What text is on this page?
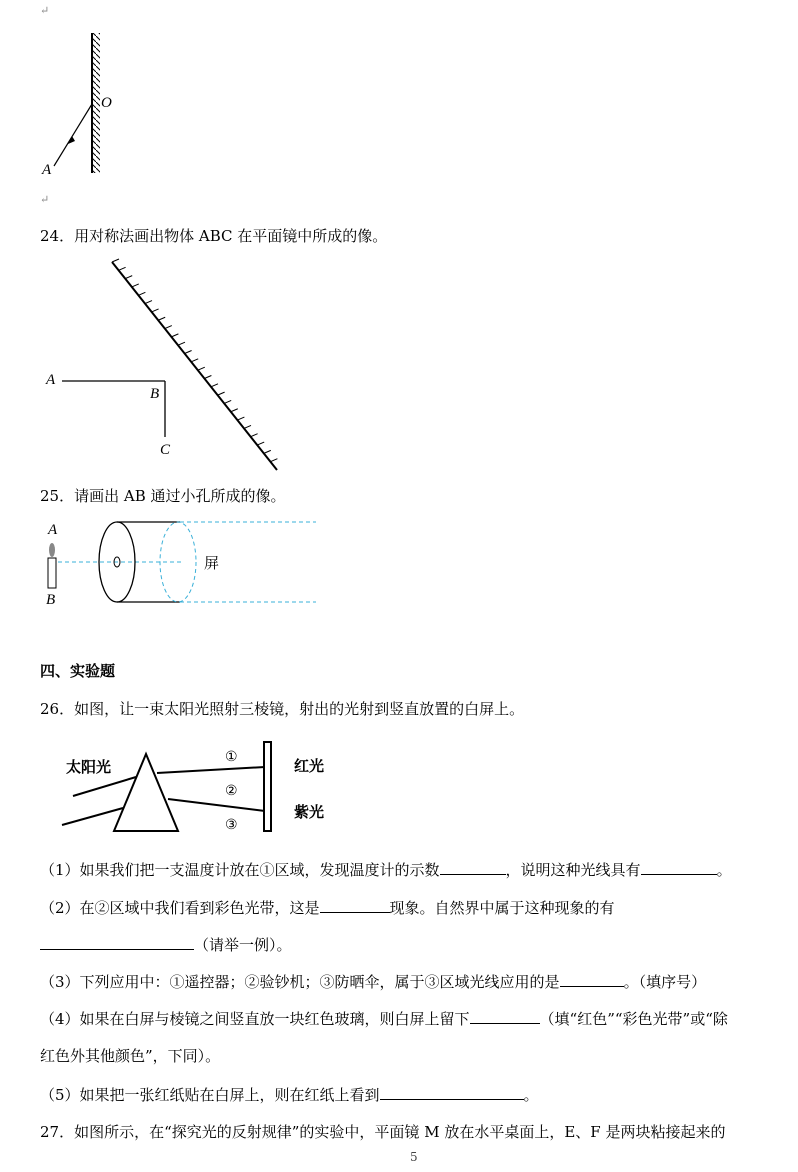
↵
O
A
↵
24．用对称法画出物体 ABC 在平面镜中所成的像。
A
B
C
25．请画出 AB 通过小孔所成的像。
A
B
屏
四、实验题
26．如图，让一束太阳光照射三棱镜，射出的光射到竖直放置的白屏上。
太阳光
①
②
③
红光
紫光
（1）如果我们把一支温度计放在①区域，发现温度计的示数	，说明这种光线具有	。
（2）在②区域中我们看到彩色光带，这是	现象。自然界中属于这种现象的有
（请举一例）。
（3）下列应用中：①遥控器；②验钞机；③防晒伞，属于③区域光线应用的是	。（填序号）
（4）如果在白屏与棱镜之间竖直放一块红色玻璃，则白屏上留下	（填“红色”“彩色光带”或“除
红色外其他颜色”，下同）。
（5）如果把一张红纸贴在白屏上，则在红纸上看到	。
27．如图所示，在“探究光的反射规律”的实验中，平面镜 M 放在水平桌面上，E、F 是两块粘接起来的
5
